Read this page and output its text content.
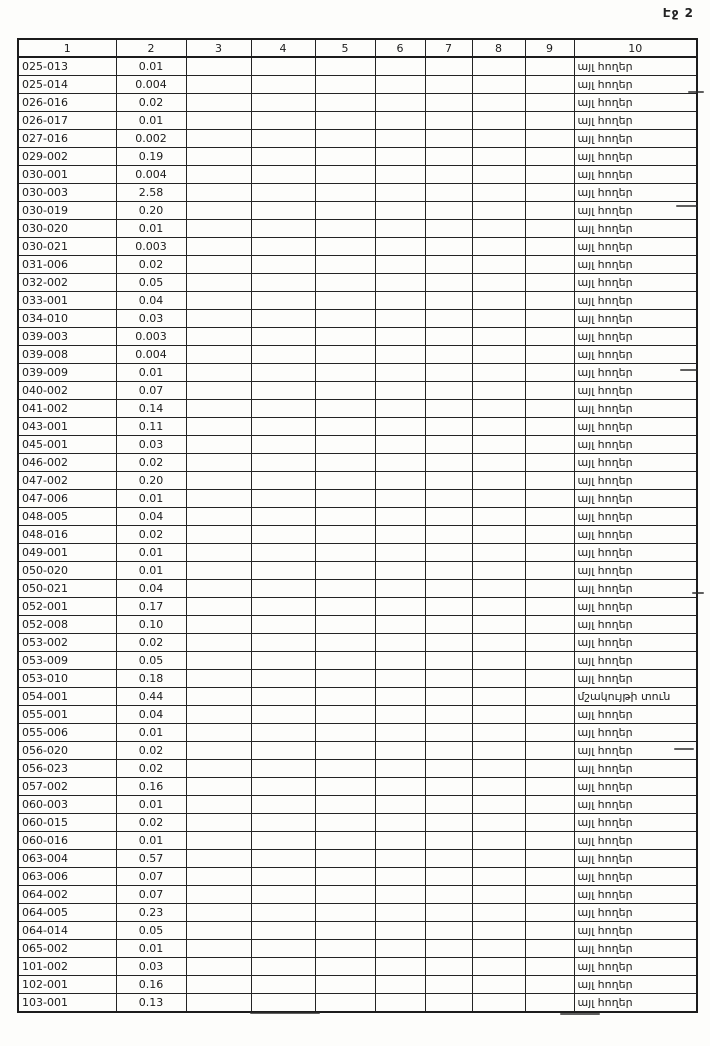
Էջ 2
1	2	3	4	5	6	7	8	9	10
025-013	0.01								այլ հողեր
025-014	0.004								այլ հողեր
026-016	0.02								այլ հողեր
026-017	0.01								այլ հողեր
027-016	0.002								այլ հողեր
029-002	0.19								այլ հողեր
030-001	0.004								այլ հողեր
030-003	2.58								այլ հողեր
030-019	0.20								այլ հողեր
030-020	0.01								այլ հողեր
030-021	0.003								այլ հողեր
031-006	0.02								այլ հողեր
032-002	0.05								այլ հողեր
033-001	0.04								այլ հողեր
034-010	0.03								այլ հողեր
039-003	0.003								այլ հողեր
039-008	0.004								այլ հողեր
039-009	0.01								այլ հողեր
040-002	0.07								այլ հողեր
041-002	0.14								այլ հողեր
043-001	0.11								այլ հողեր
045-001	0.03								այլ հողեր
046-002	0.02								այլ հողեր
047-002	0.20								այլ հողեր
047-006	0.01								այլ հողեր
048-005	0.04								այլ հողեր
048-016	0.02								այլ հողեր
049-001	0.01								այլ հողեր
050-020	0.01								այլ հողեր
050-021	0.04								այլ հողեր
052-001	0.17								այլ հողեր
052-008	0.10								այլ հողեր
053-002	0.02								այլ հողեր
053-009	0.05								այլ հողեր
053-010	0.18								այլ հողեր
054-001	0.44								մշակույթի տուն
055-001	0.04								այլ հողեր
055-006	0.01								այլ հողեր
056-020	0.02								այլ հողեր
056-023	0.02								այլ հողեր
057-002	0.16								այլ հողեր
060-003	0.01								այլ հողեր
060-015	0.02								այլ հողեր
060-016	0.01								այլ հողեր
063-004	0.57								այլ հողեր
063-006	0.07								այլ հողեր
064-002	0.07								այլ հողեր
064-005	0.23								այլ հողեր
064-014	0.05								այլ հողեր
065-002	0.01								այլ հողեր
101-002	0.03								այլ հողեր
102-001	0.16								այլ հողեր
103-001	0.13								այլ հողեր
